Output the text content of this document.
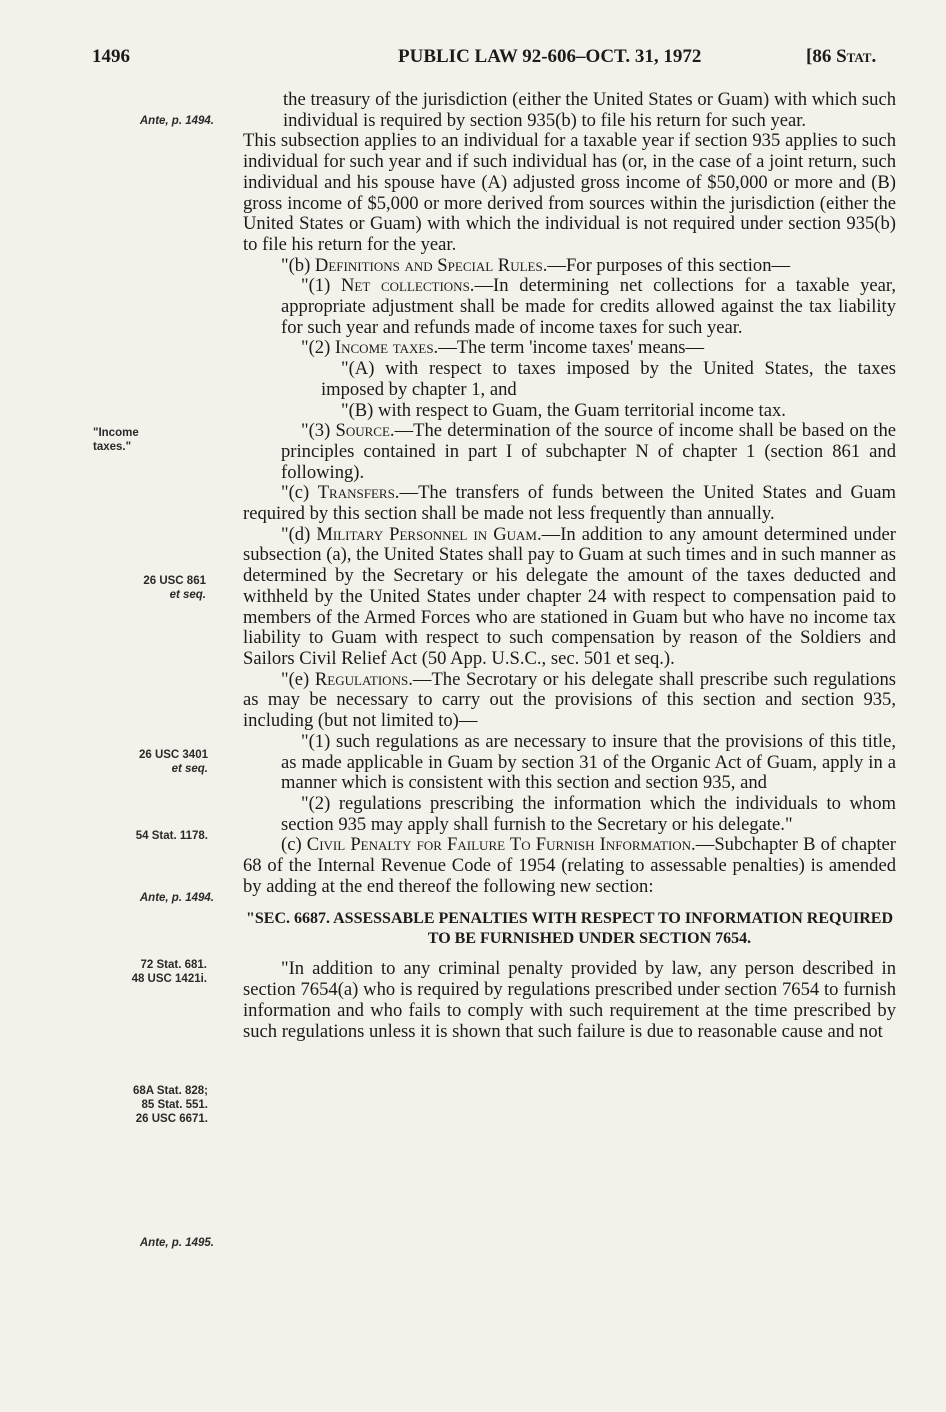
1496	PUBLIC LAW 92-606–OCT. 31, 1972	[86 Stat.
Ante, p. 1494.
"Income
taxes."
26 USC 861
et seq.
26 USC 3401
et seq.
54 Stat. 1178.
Ante, p. 1494.
72 Stat. 681.
48 USC 1421i.
68A Stat. 828;
85 Stat. 551.
26 USC 6671.
Ante, p. 1495.

the treasury of the jurisdiction (either the United States or Guam) with which such individual is required by section 935(b) to file his return for such year.

This subsection applies to an individual for a taxable year if section 935 applies to such individual for such year and if such individual has (or, in the case of a joint return, such individual and his spouse have (A) adjusted gross income of $50,000 or more and (B) gross income of $5,000 or more derived from sources within the jurisdiction (either the United States or Guam) with which the individual is not required under section 935(b) to file his return for the year.

"(b) Definitions and Special Rules.—For purposes of this section—

"(1) Net collections.—In determining net collections for a taxable year, appropriate adjustment shall be made for credits allowed against the tax liability for such year and refunds made of income taxes for such year.

"(2) Income taxes.—The term 'income taxes' means—

"(A) with respect to taxes imposed by the United States, the taxes imposed by chapter 1, and

"(B) with respect to Guam, the Guam territorial income tax.

"(3) Source.—The determination of the source of income shall be based on the principles contained in part I of subchapter N of chapter 1 (section 861 and following).

"(c) Transfers.—The transfers of funds between the United States and Guam required by this section shall be made not less frequently than annually.

"(d) Military Personnel in Guam.—In addition to any amount determined under subsection (a), the United States shall pay to Guam at such times and in such manner as determined by the Secretary or his delegate the amount of the taxes deducted and withheld by the United States under chapter 24 with respect to compensation paid to members of the Armed Forces who are stationed in Guam but who have no income tax liability to Guam with respect to such compensation by reason of the Soldiers and Sailors Civil Relief Act (50 App. U.S.C., sec. 501 et seq.).

"(e) Regulations.—The Secrotary or his delegate shall prescribe such regulations as may be necessary to carry out the provisions of this section and section 935, including (but not limited to)—

"(1) such regulations as are necessary to insure that the provisions of this title, as made applicable in Guam by section 31 of the Organic Act of Guam, apply in a manner which is consistent with this section and section 935, and

"(2) regulations prescribing the information which the individuals to whom section 935 may apply shall furnish to the Secretary or his delegate."

(c) Civil Penalty for Failure To Furnish Information.—Subchapter B of chapter 68 of the Internal Revenue Code of 1954 (relating to assessable penalties) is amended by adding at the end thereof the following new section:

"SEC. 6687. ASSESSABLE PENALTIES WITH RESPECT TO INFORMATION REQUIRED TO BE FURNISHED UNDER SECTION 7654.

"In addition to any criminal penalty provided by law, any person described in section 7654(a) who is required by regulations prescribed under section 7654 to furnish information and who fails to comply with such requirement at the time prescribed by such regulations unless it is shown that such failure is due to reasonable cause and not
